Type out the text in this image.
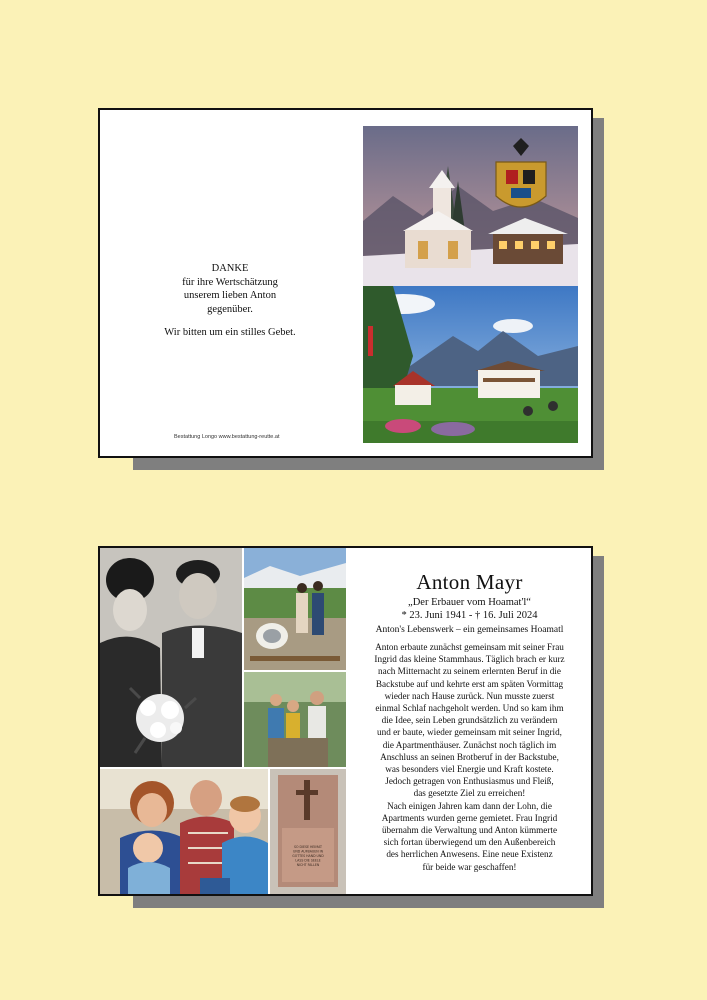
DANKE
für ihre Wertschätzung
unserem lieben Anton
gegenüber.
Wir bitten um ein stilles Gebet.
Bestattung Longo www.bestattung-reutte.at
SO DIESE HEIMAT UND AUFBAUEN IN GOTTES HAND UND LASS DIE SEELE NICHT FALLEN
Anton Mayr
„Der Erbauer vom Hoamat'l“
* 23. Juni 1941 - † 16. Juli 2024
Anton's Lebenswerk – ein gemeinsames Hoamatl
Anton erbaute zunächst gemeinsam mit seiner Frau
Ingrid das kleine Stammhaus. Täglich brach er kurz
nach Mitternacht zu seinem erlernten Beruf in die
Backstube auf und kehrte erst am späten Vormittag
wieder nach Hause zurück. Nun musste zuerst
einmal Schlaf nachgeholt werden. Und so kam ihm
die Idee, sein Leben grundsätzlich zu verändern
und er baute, wieder gemeinsam mit seiner Ingrid,
die Apartmenthäuser. Zunächst noch täglich im
Anschluss an seinen Brotberuf in der Backstube,
was besonders viel Energie und Kraft kostete.
Jedoch getragen von Enthusiasmus und Fleiß,
das gesetzte Ziel zu erreichen!
Nach einigen Jahren kam dann der Lohn, die
Apartments wurden gerne gemietet. Frau Ingrid
übernahm die Verwaltung und Anton kümmerte
sich fortan überwiegend um den Außenbereich
des herrlichen Anwesens. Eine neue Existenz
für beide war geschaffen!
